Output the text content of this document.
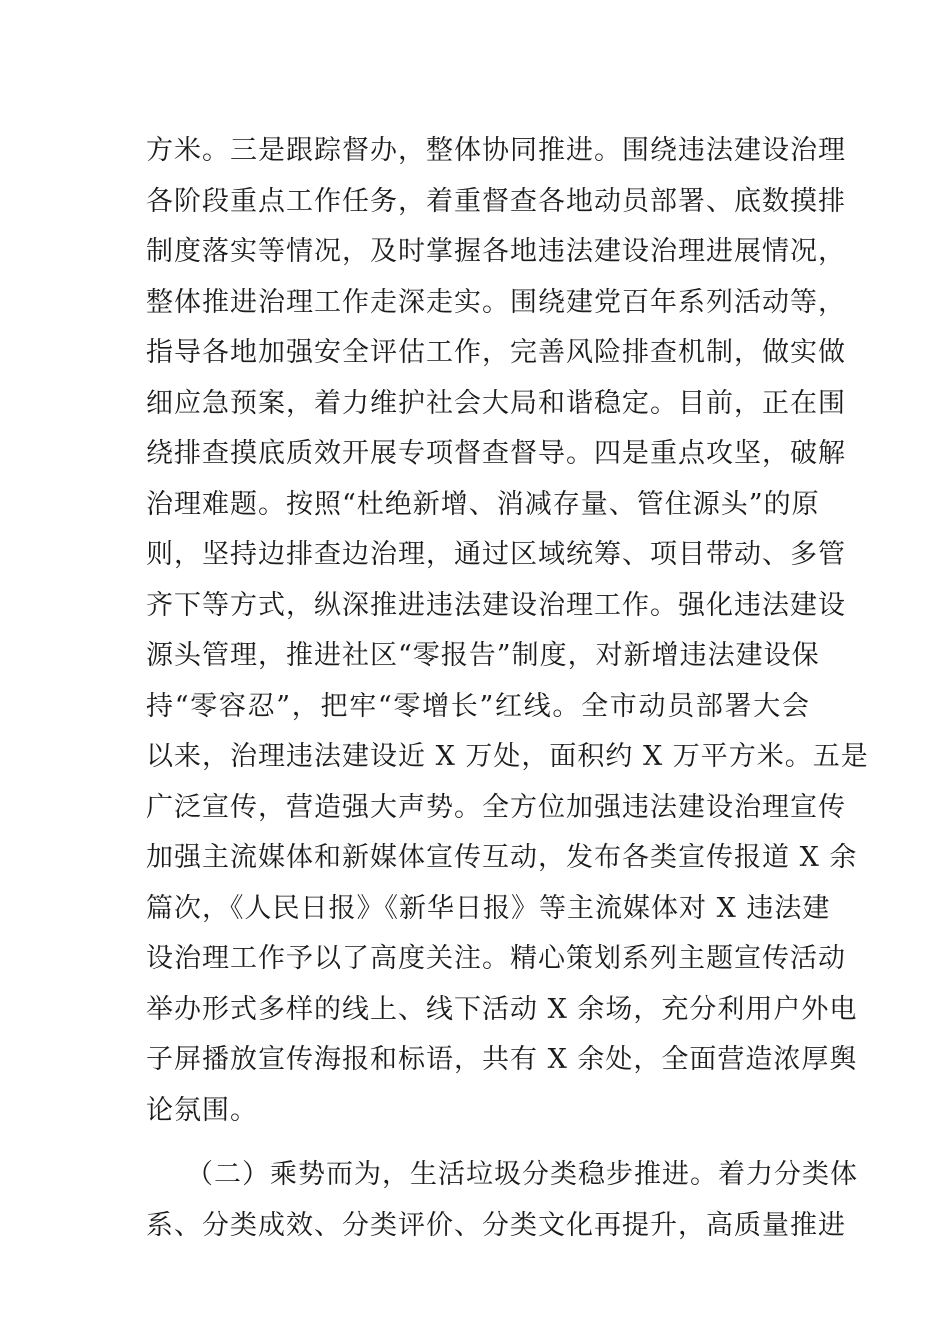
方米。三是跟踪督办，整体协同推进。围绕违法建设治理
各阶段重点工作任务，着重督查各地动员部署、底数摸排
制度落实等情况，及时掌握各地违法建设治理进展情况，
整体推进治理工作走深走实。围绕建党百年系列活动等，
指导各地加强安全评估工作，完善风险排查机制，做实做
细应急预案，着力维护社会大局和谐稳定。目前，正在围
绕排查摸底质效开展专项督查督导。四是重点攻坚，破解
治理难题。按照“杜绝新增、消减存量、管住源头”的原
则，坚持边排查边治理，通过区域统筹、项目带动、多管
齐下等方式，纵深推进违法建设治理工作。强化违法建设
源头管理，推进社区“零报告”制度，对新增违法建设保
持“零容忍”，把牢“零增长”红线。全市动员部署大会
以来，治理违法建设近 X 万处，面积约 X 万平方米。五是
广泛宣传，营造强大声势。全方位加强违法建设治理宣传
加强主流媒体和新媒体宣传互动，发布各类宣传报道 X 余
篇次，《人民日报》《新华日报》等主流媒体对 X 违法建
设治理工作予以了高度关注。精心策划系列主题宣传活动
举办形式多样的线上、线下活动 X 余场，充分利用户外电
子屏播放宣传海报和标语，共有 X 余处，全面营造浓厚舆
论氛围。
（二）乘势而为，生活垃圾分类稳步推进。着力分类体
系、分类成效、分类评价、分类文化再提升，高质量推进
